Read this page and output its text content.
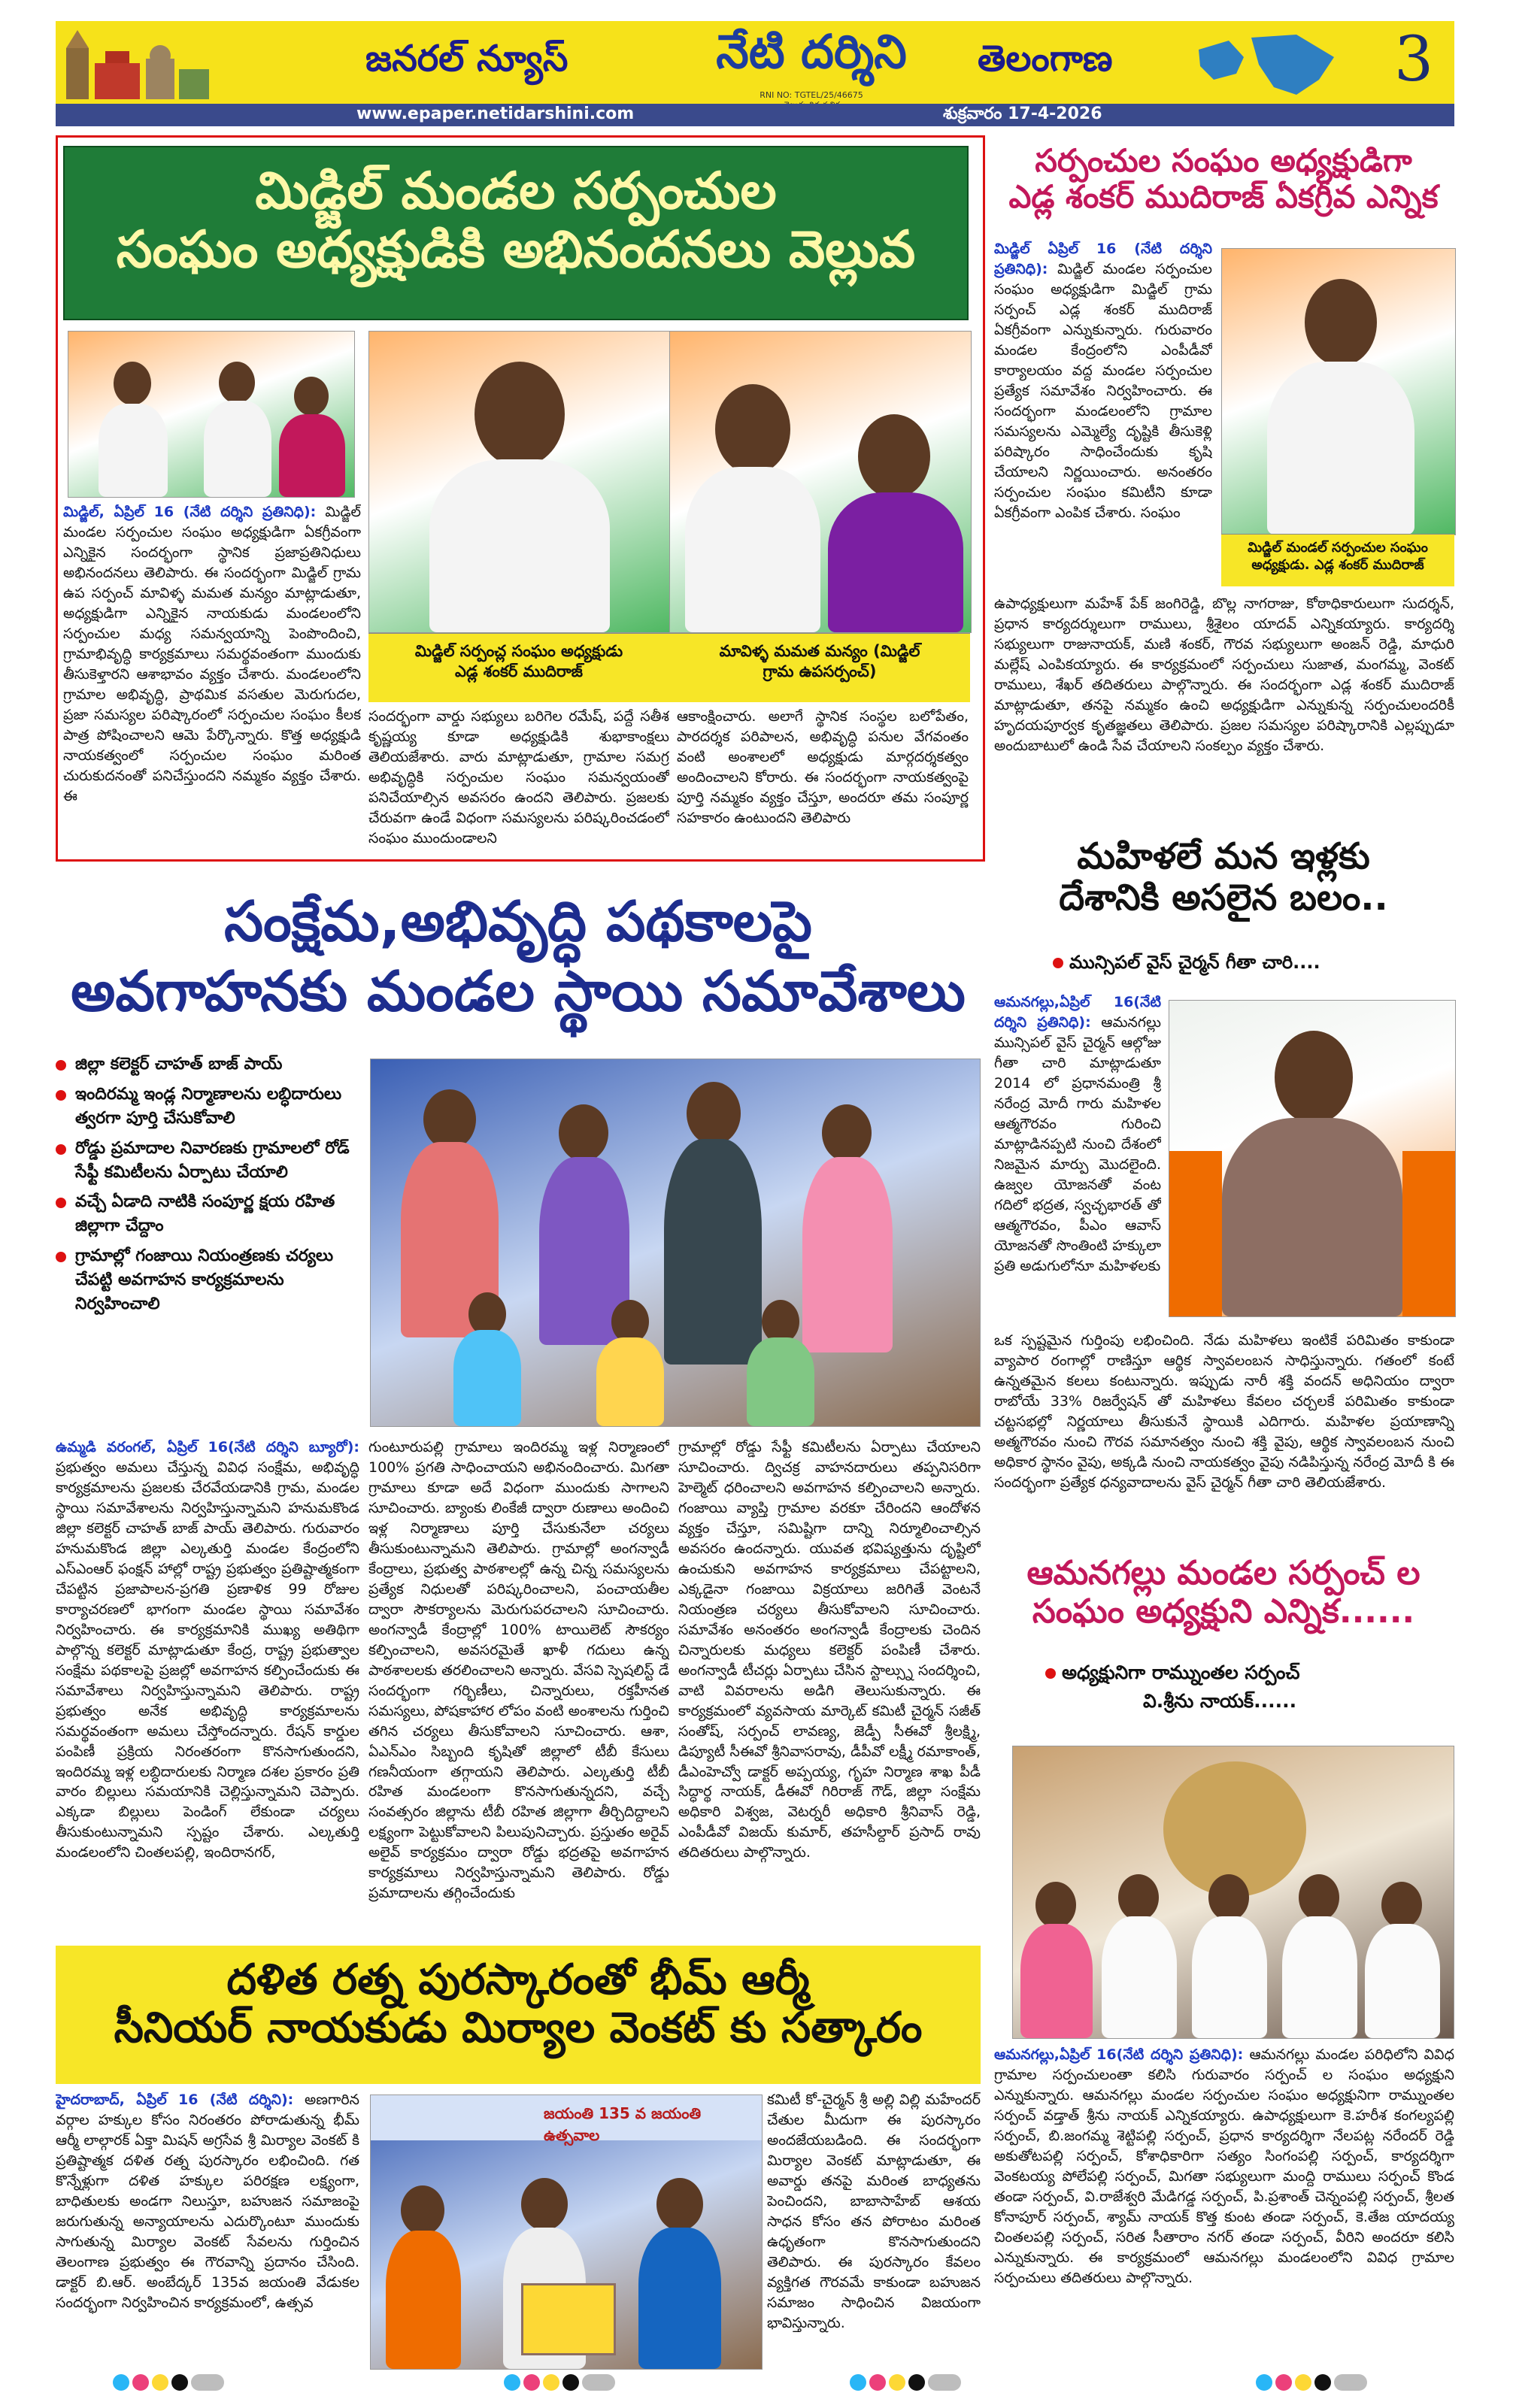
జనరల్ న్యూస్	నేటి దర్శిని
RNI NO: TGTEL/25/46675
తెలంగాణ	3
www.epaper.netidarshini.com	శుక్రవారం 17-4-2026
మిడ్జిల్ మండల సర్పంచుల
సంఘం అధ్యక్షుడికి అభినందనలు వెల్లువ
మిడ్జిల్ సర్పంచ్ల సంఘం అధ్యక్షుడు
ఎడ్ల శంకర్ ముదిరాజ్
మావిళ్ళ మమత మన్యం (మిడ్జిల్
గ్రామ ఉపసర్పంచ్)
మిడ్జిల్, ఏప్రిల్ 16 (నేటి దర్శిని ప్రతినిధి): మిడ్జిల్ మండల సర్పంచుల సంఘం అధ్యక్షుడిగా ఏకగ్రీవంగా ఎన్నికైన సందర్భంగా స్థానిక ప్రజాప్రతినిధులు అభినందనలు తెలిపారు. ఈ సందర్భంగా మిడ్జిల్ గ్రామ ఉప సర్పంచ్ మావిళ్ళ మమత మన్యం మాట్లాడుతూ, అధ్యక్షుడిగా ఎన్నికైన నాయకుడు మండలంలోని సర్పంచుల మధ్య సమన్వయాన్ని పెంపొందించి, గ్రామాభివృద్ధి కార్యక్రమాలు సమర్థవంతంగా ముందుకు తీసుకెళ్తారని ఆశాభావం వ్యక్తం చేశారు. మండలంలోని గ్రామాల అభివృద్ధి, ప్రాథమిక వసతుల మెరుగుదల, ప్రజా సమస్యల పరిష్కారంలో సర్పంచుల సంఘం కీలక పాత్ర పోషించాలని ఆమె పేర్కొన్నారు. కొత్త అధ్యక్షుడి నాయకత్వంలో సర్పంచుల సంఘం మరింత చురుకుదనంతో పనిచేస్తుందని నమ్మకం వ్యక్తం చేశారు. ఈ
సందర్భంగా వార్డు సభ్యులు బరిగెల రమేష్, పద్దే సతీశ కృష్ణయ్య కూడా అధ్యక్షుడికి శుభాకాంక్షలు తెలియజేశారు. వారు మాట్లాడుతూ, గ్రామాల సమగ్ర అభివృద్ధికి సర్పంచుల సంఘం సమన్వయంతో పనిచేయాల్సిన అవసరం ఉందని తెలిపారు. ప్రజలకు చేరువగా ఉండే విధంగా సమస్యలను పరిష్కరించడంలో సంఘం ముందుండాలని
ఆకాంక్షించారు. అలాగే స్థానిక సంస్థల బలోపేతం, పారదర్శక పరిపాలన, అభివృద్ధి పనుల వేగవంతం వంటి అంశాలలో అధ్యక్షుడు మార్గదర్శకత్వం అందించాలని కోరారు. ఈ సందర్భంగా నాయకత్వంపై పూర్తి నమ్మకం వ్యక్తం చేస్తూ, అందరూ తమ సంపూర్ణ సహకారం ఉంటుందని తెలిపారు
సర్పంచుల సంఘం అధ్యక్షుడిగా
ఎడ్ల శంకర్ ముదిరాజ్ ఏకగ్రీవ ఎన్నిక
మిడ్జిల్ ఏప్రిల్ 16 (నేటి దర్శిని ప్రతినిధి): మిడ్జిల్ మండల సర్పంచుల సంఘం అధ్యక్షుడిగా మిడ్జిల్ గ్రామ సర్పంచ్ ఎడ్ల శంకర్ ముదిరాజ్ ఏకగ్రీవంగా ఎన్నుకున్నారు. గురువారం మండల కేంద్రంలోని ఎంపీడీవో కార్యాలయం వద్ద మండల సర్పంచుల ప్రత్యేక సమావేశం నిర్వహించారు. ఈ సందర్భంగా మండలంలోని గ్రామాల సమస్యలను ఎమ్మెల్యే దృష్టికి తీసుకెళ్లి పరిష్కారం సాధించేందుకు కృషి చేయాలని నిర్ణయించారు. అనంతరం సర్పంచుల సంఘం కమిటీని కూడా ఏకగ్రీవంగా ఎంపిక చేశారు. సంఘం
మిడ్జిల్ మండల్ సర్పంచుల సంఘం
అధ్యక్షుడు. ఎడ్ల శంకర్ ముదిరాజ్
ఉపాధ్యక్షులుగా మహేశ్ పేక్ జంగిరెడ్డి, బొల్ల నాగరాజు, కోఠాధికారులుగా సుదర్శన్, ప్రధాన కార్యదర్శులుగా రాములు, శ్రీశైలం యాదవ్ ఎన్నికయ్యారు. కార్యదర్శి సభ్యులుగా రాజునాయక్, మణి శంకర్, గౌరవ సభ్యులుగా అంజన్ రెడ్డి, మాధురి మల్లేష్ ఎంపికయ్యారు. ఈ కార్యక్రమంలో సర్పంచులు సుజాత, మంగమ్మ, వెంకట్ రాములు, శేఖర్ తదితరులు పాల్గొన్నారు. ఈ సందర్భంగా ఎడ్ల శంకర్ ముదిరాజ్ మాట్లాడుతూ, తనపై నమ్మకం ఉంచి అధ్యక్షుడిగా ఎన్నుకున్న సర్పంచులందరికీ హృదయపూర్వక కృతజ్ఞతలు తెలిపారు. ప్రజల సమస్యల పరిష్కారానికి ఎల్లప్పుడూ అందుబాటులో ఉండి సేవ చేయాలని సంకల్పం వ్యక్తం చేశారు.
సంక్షేమ,అభివృద్ధి పథకాలపై
అవగాహనకు మండల స్థాయి సమావేశాలు
జిల్లా కలెక్టర్ చాహత్ బాజ్ పాయ్
ఇందిరమ్మ ఇండ్ల నిర్మాణాలను లబ్ధిదారులు త్వరగా పూర్తి చేసుకోవాలి
రోడ్డు ప్రమాదాల నివారణకు గ్రామాలలో రోడ్ సేఫ్టీ కమిటీలను ఏర్పాటు చేయాలి
వచ్చే ఏడాది నాటికి సంపూర్ణ క్షయ రహిత జిల్లాగా చేద్దాం
గ్రామాల్లో గంజాయి నియంత్రణకు చర్యలు చేపట్టి అవగాహన కార్యక్రమాలను నిర్వహించాలి
ఉమ్మడి వరంగల్, ఏప్రిల్ 16(నేటి దర్శిని బ్యూరో): ప్రభుత్వం అమలు చేస్తున్న వివిధ సంక్షేమ, అభివృద్ధి కార్యక్రమాలను ప్రజలకు చేరవేయడానికి గ్రామ, మండల స్థాయి సమావేశాలను నిర్వహిస్తున్నామని హనుమకొండ జిల్లా కలెక్టర్ చాహత్ బాజ్ పాయ్ తెలిపారు. గురువారం హనుమకొండ జిల్లా ఎల్కతుర్తి మండల కేంద్రంలోని ఎస్ఎంఆర్ ఫంక్షన్ హాల్లో రాష్ట్ర ప్రభుత్వం ప్రతిష్టాత్మకంగా చేపట్టిన ప్రజాపాలన-ప్రగతి ప్రణాళిక 99 రోజుల కార్యాచరణలో భాగంగా మండల స్థాయి సమావేశం నిర్వహించారు. ఈ కార్యక్రమానికి ముఖ్య అతిథిగా పాల్గొన్న కలెక్టర్ మాట్లాడుతూ కేంద్ర, రాష్ట్ర ప్రభుత్వాల సంక్షేమ పథకాలపై ప్రజల్లో అవగాహన కల్పించేందుకు ఈ సమావేశాలు నిర్వహిస్తున్నామని తెలిపారు. రాష్ట్ర ప్రభుత్వం అనేక అభివృద్ధి కార్యక్రమాలను సమర్థవంతంగా అమలు చేస్తోందన్నారు. రేషన్ కార్డుల పంపిణీ ప్రక్రియ నిరంతరంగా కొనసాగుతుందని, ఇందిరమ్మ ఇళ్ల లబ్ధిదారులకు నిర్మాణ దశల ప్రకారం ప్రతి వారం బిల్లులు సమయానికి చెల్లిస్తున్నామని చెప్పారు. ఎక్కడా బిల్లులు పెండింగ్ లేకుండా చర్యలు తీసుకుంటున్నామని స్పష్టం చేశారు. ఎల్కతుర్తి మండలంలోని చింతలపల్లి, ఇందిరానగర్,
గుంటూరుపల్లి గ్రామాలు ఇందిరమ్మ ఇళ్ల నిర్మాణంలో 100% ప్రగతి సాధించాయని అభినందించారు. మిగతా గ్రామాలు కూడా అదే విధంగా ముందుకు సాగాలని సూచించారు. బ్యాంకు లింకేజీ ద్వారా రుణాలు అందించి ఇళ్ల నిర్మాణాలు పూర్తి చేసుకునేలా చర్యలు తీసుకుంటున్నామని తెలిపారు. గ్రామాల్లో అంగన్వాడీ కేంద్రాలు, ప్రభుత్వ పాఠశాలల్లో ఉన్న చిన్న సమస్యలను ప్రత్యేక నిధులతో పరిష్కరించాలని, పంచాయతీల ద్వారా సౌకర్యాలను మెరుగుపరచాలని సూచించారు. అంగన్వాడీ కేంద్రాల్లో 100% టాయిలెట్ సౌకర్యం కల్పించాలని, అవసరమైతే ఖాళీ గదులు ఉన్న పాఠశాలలకు తరలించాలని అన్నారు. వేసవి స్పెషలిస్ట్ డే సందర్భంగా గర్భిణీలు, చిన్నారులు, రక్తహీనత సమస్యలు, పోషకాహార లోపం వంటి అంశాలను గుర్తించి తగిన చర్యలు తీసుకోవాలని సూచించారు. ఆశా, ఏఎన్ఎం సిబ్బంది కృషితో జిల్లాలో టీబీ కేసులు గణనీయంగా తగ్గాయని తెలిపారు. ఎల్కతుర్తి టీబీ రహిత మండలంగా కొనసాగుతున్నదని, వచ్చే సంవత్సరం జిల్లాను టీబీ రహిత జిల్లాగా తీర్చిదిద్దాలని లక్ష్యంగా పెట్టుకోవాలని పిలుపునిచ్చారు. ప్రస్తుతం అరైవ్ అలైవ్ కార్యక్రమం ద్వారా రోడ్డు భద్రతపై అవగాహన కార్యక్రమాలు నిర్వహిస్తున్నామని తెలిపారు. రోడ్డు ప్రమాదాలను తగ్గించేందుకు
గ్రామాల్లో రోడ్డు సేఫ్టీ కమిటీలను ఏర్పాటు చేయాలని సూచించారు. ద్విచక్ర వాహనదారులు తప్పనిసరిగా హెల్మెట్ ధరించాలని అవగాహన కల్పించాలని అన్నారు. గంజాయి వ్యాప్తి గ్రామాల వరకూ చేరిందని ఆందోళన వ్యక్తం చేస్తూ, సమిష్టిగా దాన్ని నిర్మూలించాల్సిన అవసరం ఉందన్నారు. యువత భవిష్యత్తును దృష్టిలో ఉంచుకుని అవగాహన కార్యక్రమాలు చేపట్టాలని, ఎక్కడైనా గంజాయి విక్రయాలు జరిగితే వెంటనే నియంత్రణ చర్యలు తీసుకోవాలని సూచించారు. సమావేశం అనంతరం అంగన్వాడీ కేంద్రాలకు చెందిన చిన్నారులకు మధ్యలు కలెక్టర్ పంపిణీ చేశారు. అంగన్వాడీ టీచర్లు ఏర్పాటు చేసిన స్టాల్స్ను సందర్శించి, వాటి వివరాలను అడిగి తెలుసుకున్నారు. ఈ కార్యక్రమంలో వ్యవసాయ మార్కెట్ కమిటీ చైర్మన్ సజీత్ సంతోష్, సర్పంచ్ లావణ్య, జెడ్పీ సీఈవో శ్రీలక్ష్మి, డిప్యూటీ సీఈవో శ్రీనివాసరావు, డీపీవో లక్ష్మీ రమాకాంత్, డీఎంహెచ్వో డాక్టర్ అప్పయ్య, గృహ నిర్మాణ శాఖ పీడీ సిద్ధార్థ నాయక్, డీఈవో గిరిరాజ్ గౌడ్, జిల్లా సంక్షేమ అధికారి విశ్వజ, వెటర్నరీ అధికారి శ్రీనివాస్ రెడ్డి, ఎంపీడీవో విజయ్ కుమార్, తహసీల్దార్ ప్రసాద్ రావు తదితరులు పాల్గొన్నారు.
మహిళలే మన ఇళ్లకు
దేశానికి అసలైన బలం..
మున్సిపల్ వైస్ చైర్మన్ గీతా చారి....
ఆమనగల్లు,ఏప్రిల్ 16(నేటి దర్శిని ప్రతినిధి): ఆమనగల్లు మున్సిపల్ వైస్ చైర్మన్ ఆల్గోజు గీతా చారి మాట్లాడుతూ 2014 లో ప్రధానమంత్రి శ్రీ నరేంద్ర మోదీ గారు మహిళల ఆత్మగౌరవం గురించి మాట్లాడినప్పటి నుంచి దేశంలో నిజమైన మార్పు మొదలైంది. ఉజ్వల యోజనతో వంట గదిలో భద్రత, స్వచ్ఛభారత్ తో ఆత్మగౌరవం, పీఎం ఆవాస్ యోజనతో సొంతింటి హక్కులా ప్రతి అడుగులోనూ మహిళలకు
ఒక స్పష్టమైన గుర్తింపు లభించింది. నేడు మహిళలు ఇంటికే పరిమితం కాకుండా వ్యాపార రంగాల్లో రాణిస్తూ ఆర్థిక స్వావలంబన సాధిస్తున్నారు. గతంలో కంటే ఉన్నతమైన కలలు కంటున్నారు. ఇప్పుడు నారీ శక్తి వందన్ అధినియం ద్వారా రాబోయే 33% రిజర్వేషన్ తో మహిళలు కేవలం చర్చలకే పరిమితం కాకుండా చట్టసభల్లో నిర్ణయాలు తీసుకునే స్థాయికి ఎదిగారు. మహిళల ప్రయాణాన్ని అత్మగౌరవం నుంచి గౌరవ సమానత్వం నుంచి శక్తి వైపు, ఆర్థిక స్వావలంబన నుంచి అధికార స్థానం వైపు, అక్కడి నుంచి నాయకత్వం వైపు నడిపిస్తున్న నరేంద్ర మోదీ కి ఈ సందర్భంగా ప్రత్యేక ధన్యవాదాలను వైస్ చైర్మన్ గీతా చారి తెలియజేశారు.
ఆమనగల్లు మండల సర్పంచ్ ల
సంఘం అధ్యక్షుని ఎన్నిక......
అధ్యక్షునిగా రామ్నుంతల సర్పంచ్
వి.శ్రీను నాయక్......
ఆమనగల్లు,ఏప్రిల్ 16(నేటి దర్శిని ప్రతినిధి): ఆమనగల్లు మండల పరిధిలోని వివిధ గ్రామాల సర్పంచులంతా కలిసి గురువారం సర్పంచ్ ల సంఘం అధ్యక్షుని ఎన్నుకున్నారు. ఆమనగల్లు మండల సర్పంచుల సంఘం అధ్యక్షునిగా రామ్నుంతల సర్పంచ్ వడ్తాత్ శ్రీను నాయక్ ఎన్నికయ్యారు. ఉపాధ్యక్షులుగా కె.హరీశ కంగల్యపల్లి సర్పంచ్, బి.జంగమ్మ శెట్టిపల్లి సర్పంచ్, ప్రధాన కార్యదర్శిగా నేలపట్ల నరేందర్ రెడ్డి అకుతోటపల్లి సర్పంచ్, కోశాధికారిగా సత్యం సింగంపల్లి సర్పంచ్, కార్యదర్శిగా వెంకటయ్య పోలేపల్లి సర్పంచ్, మిగతా సభ్యులుగా మంద్ది రాములు సర్పంచ్ కొండ తండా సర్పంచ్, వి.రాజేశ్వరి మేడిగడ్డ సర్పంచ్, పి.ప్రశాంత్ చెన్నంపల్లి సర్పంచ్, శ్రీలత కోనాపూర్ సర్పంచ్, శ్యామ్ నాయక్ కొత్త కుంట తండా సర్పంచ్, కె.తేజ యాదయ్య చింతలపల్లి సర్పంచ్, సరిత సీతారాం నగర్ తండా సర్పంచ్, వీరిని అందరూ కలిసి ఎన్నుకున్నారు. ఈ కార్యక్రమంలో ఆమనగల్లు మండలంలోని వివిధ గ్రామాల సర్పంచులు తదితరులు పాల్గొన్నారు.
దళిత రత్న పురస్కారంతో భీమ్ ఆర్మీ
సీనియర్ నాయకుడు మిర్యాల వెంకట్ కు సత్కారం
హైదరాబాద్, ఏప్రిల్ 16 (నేటి దర్శిని): అణగారిన వర్గాల హక్కుల కోసం నిరంతరం పోరాడుతున్న భీమ్ ఆర్మీ లాల్గారక్ ఏక్తా మిషన్ అగ్రసేవ శ్రీ మిర్యాల వెంకట్ కి ప్రతిష్టాత్మక దళిత రత్న పురస్కారం లభించింది. గత కొన్నేళ్లుగా దళిత హక్కుల పరిరక్షణ లక్ష్యంగా, బాధితులకు అండగా నిలుస్తూ, బహుజన సమాజంపై జరుగుతున్న అన్యాయాలను ఎదుర్కొంటూ ముందుకు సాగుతున్న మిర్యాల వెంకట్ సేవలను గుర్తించిన తెలంగాణ ప్రభుత్వం ఈ గౌరవాన్ని ప్రదానం చేసింది. డాక్టర్ బి.ఆర్. అంబేద్కర్ 135వ జయంతి వేడుకల సందర్భంగా నిర్వహించిన కార్యక్రమంలో, ఉత్సవ
జయంతి 135 వ జయంతి ఉత్సవాల
కమిటీ కో-చైర్మన్ శ్రీ అల్లి విల్లి మహేందర్ చేతుల మీదుగా ఈ పురస్కారం అందజేయబడింది. ఈ సందర్భంగా మిర్యాల వెంకట్ మాట్లాడుతూ, ఈ అవార్డు తనపై మరింత బాధ్యతను పెంచిందని, బాబాసాహేబ్ ఆశయ సాధన కోసం తన పోరాటం మరింత ఉధృతంగా కొనసాగుతుందని తెలిపారు. ఈ పురస్కారం కేవలం వ్యక్తిగత గౌరవమే కాకుండా బహుజన సమాజం సాధించిన విజయంగా భావిస్తున్నారు.
